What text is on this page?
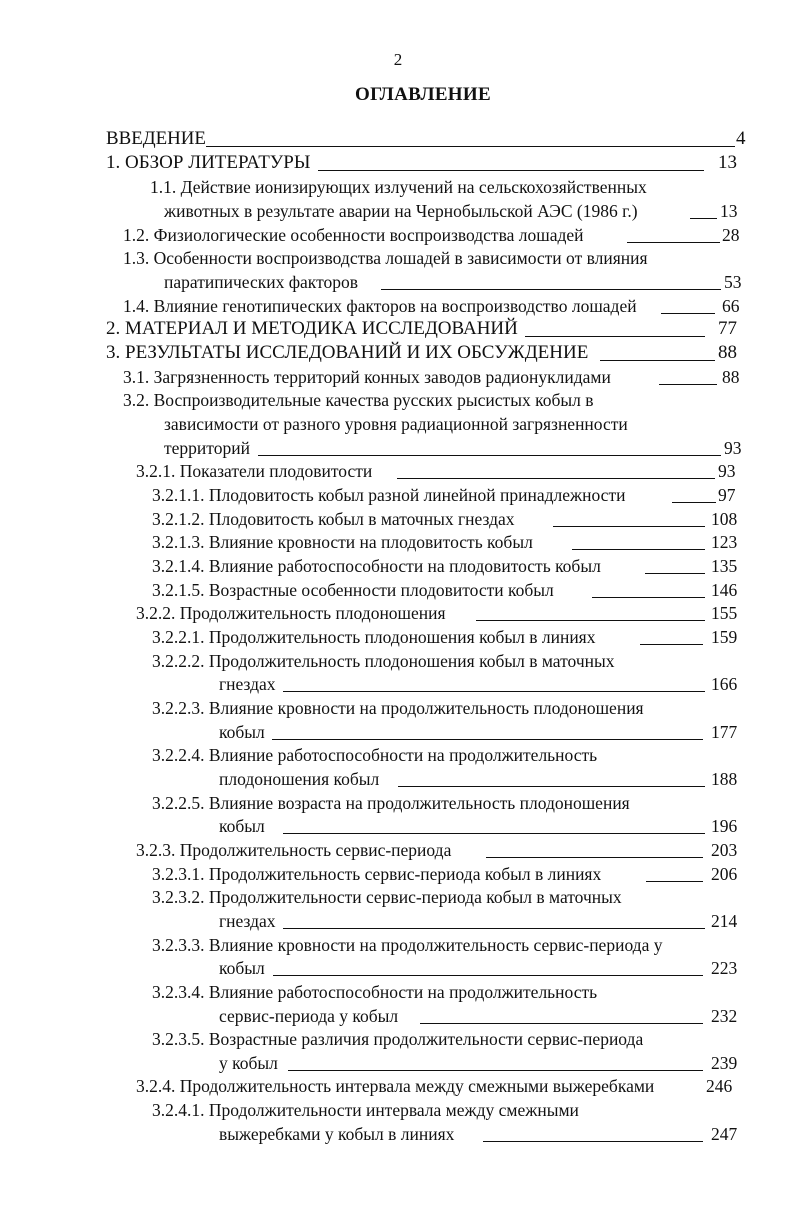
2
ОГЛАВЛЕНИЕ
ВВЕДЕНИЕ	4
1. ОБЗОР ЛИТЕРАТУРЫ	13
1.1. Действие ионизирующих излучений на сельскохозяйственных
животных в результате аварии на Чернобыльской АЭС (1986 г.)	13
1.2. Физиологические особенности воспроизводства лошадей	28
1.3. Особенности воспроизводства лошадей в зависимости от влияния
паратипических факторов	53
1.4. Влияние генотипических факторов на воспроизводство лошадей	66
2. МАТЕРИАЛ И МЕТОДИКА ИССЛЕДОВАНИЙ	77
3. РЕЗУЛЬТАТЫ ИССЛЕДОВАНИЙ И ИХ ОБСУЖДЕНИЕ	88
3.1. Загрязненность территорий конных заводов радионуклидами	88
3.2. Воспроизводительные качества русских рысистых кобыл в
зависимости от разного уровня радиационной загрязненности
территорий	93
3.2.1. Показатели плодовитости	93
3.2.1.1. Плодовитость кобыл разной линейной принадлежности	97
3.2.1.2. Плодовитость кобыл в маточных гнездах	108
3.2.1.3. Влияние кровности на плодовитость кобыл	123
3.2.1.4. Влияние работоспособности на плодовитость кобыл	135
3.2.1.5. Возрастные особенности плодовитости кобыл	146
3.2.2. Продолжительность плодоношения	155
3.2.2.1. Продолжительность плодоношения кобыл в линиях	159
3.2.2.2. Продолжительность плодоношения кобыл в маточных
гнездах	166
3.2.2.3. Влияние кровности на продолжительность плодоношения
кобыл	177
3.2.2.4. Влияние работоспособности на продолжительность
плодоношения кобыл	188
3.2.2.5. Влияние возраста на продолжительность плодоношения
кобыл	196
3.2.3. Продолжительность сервис-периода	203
3.2.3.1. Продолжительность сервис-периода кобыл в линиях	206
3.2.3.2. Продолжительности сервис-периода кобыл в маточных
гнездах	214
3.2.3.3. Влияние кровности на продолжительность сервис-периода у
кобыл	223
3.2.3.4. Влияние работоспособности на продолжительность
сервис-периода у кобыл	232
3.2.3.5. Возрастные различия продолжительности сервис-периода
у кобыл	239
3.2.4. Продолжительность интервала между смежными выжеребками	246
3.2.4.1. Продолжительности интервала между смежными
выжеребками у кобыл в линиях	247
